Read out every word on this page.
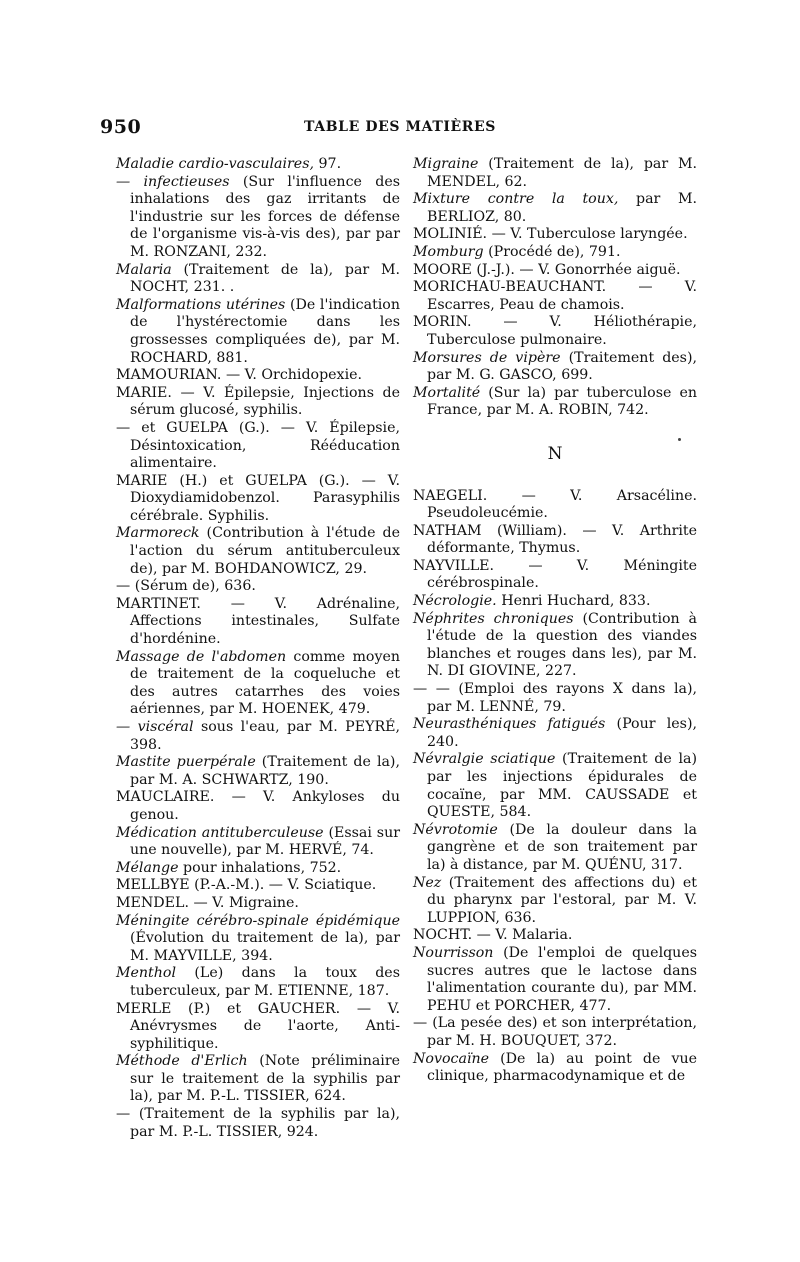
950	TABLE DES MATIÈRES

Maladie cardio-vasculaires, 97.

— infectieuses (Sur l'influence des inhalations des gaz irritants de l'industrie sur les forces de défense de l'organisme vis-à-vis des), par par M. RONZANI, 232.

Malaria (Traitement de la), par M. NOCHT, 231. .

Malformations utérines (De l'indication de l'hystérectomie dans les grossesses compliquées de), par M. ROCHARD, 881.

MAMOURIAN. — V. Orchidopexie.

MARIE. — V. Épilepsie, Injections de sérum glucosé, syphilis.

— et GUELPA (G.). — V. Épilepsie, Désintoxication, Rééducation alimentaire.

MARIE (H.) et GUELPA (G.). — V. Dioxydiamidobenzol. Parasyphilis cérébrale. Syphilis.

Marmoreck (Contribution à l'étude de l'action du sérum antituberculeux de), par M. BOHDANOWICZ, 29.

— (Sérum de), 636.

MARTINET. — V. Adrénaline, Affections intestinales, Sulfate d'hordénine.

Massage de l'abdomen comme moyen de traitement de la coqueluche et des autres catarrhes des voies aériennes, par M. HOENEK, 479.

— viscéral sous l'eau, par M. PEYRÉ, 398.

Mastite puerpérale (Traitement de la), par M. A. SCHWARTZ, 190.

MAUCLAIRE. — V. Ankyloses du genou.

Médication antituberculeuse (Essai sur une nouvelle), par M. HERVÉ, 74.

Mélange pour inhalations, 752.

MELLBYE (P.-A.-M.). — V. Sciatique.

MENDEL. — V. Migraine.

Méningite cérébro-spinale épidémique (Évolution du traitement de la), par M. MAYVILLE, 394.

Menthol (Le) dans la toux des tuberculeux, par M. ETIENNE, 187.

MERLE (P.) et GAUCHER. — V. Anévrysmes de l'aorte, Anti-syphilitique.

Méthode d'Erlich (Note préliminaire sur le traitement de la syphilis par la), par M. P.-L. TISSIER, 624.

— (Traitement de la syphilis par la), par M. P.-L. TISSIER, 924.

Migraine (Traitement de la), par M. MENDEL, 62.

Mixture contre la toux, par M. BERLIOZ, 80.

MOLINIÉ. — V. Tuberculose laryngée.

Momburg (Procédé de), 791.

MOORE (J.-J.). — V. Gonorrhée aiguë.

MORICHAU-BEAUCHANT. — V. Escarres, Peau de chamois.

MORIN. — V. Héliothérapie, Tuberculose pulmonaire.

Morsures de vipère (Traitement des), par M. G. GASCO, 699.

Mortalité (Sur la) par tuberculose en France, par M. A. ROBIN, 742.

N

NAEGELI. — V. Arsacéline. Pseudoleucémie.

NATHAM (William). — V. Arthrite déformante, Thymus.

NAYVILLE. — V. Méningite cérébrospinale.

Nécrologie. Henri Huchard, 833.

Néphrites chroniques (Contribution à l'étude de la question des viandes blanches et rouges dans les), par M. N. DI GIOVINE, 227.

— — (Emploi des rayons X dans la), par M. LENNÉ, 79.

Neurasthéniques fatigués (Pour les), 240.

Névralgie sciatique (Traitement de la) par les injections épidurales de cocaïne, par MM. CAUSSADE et QUESTE, 584.

Névrotomie (De la douleur dans la gangrène et de son traitement par la) à distance, par M. QUÉNU, 317.

Nez (Traitement des affections du) et du pharynx par l'estoral, par M. V. LUPPION, 636.

NOCHT. — V. Malaria.

Nourrisson (De l'emploi de quelques sucres autres que le lactose dans l'alimentation courante du), par MM. PEHU et PORCHER, 477.

— (La pesée des) et son interprétation, par M. H. BOUQUET, 372.

Novocaïne (De la) au point de vue clinique, pharmacodynamique et de
